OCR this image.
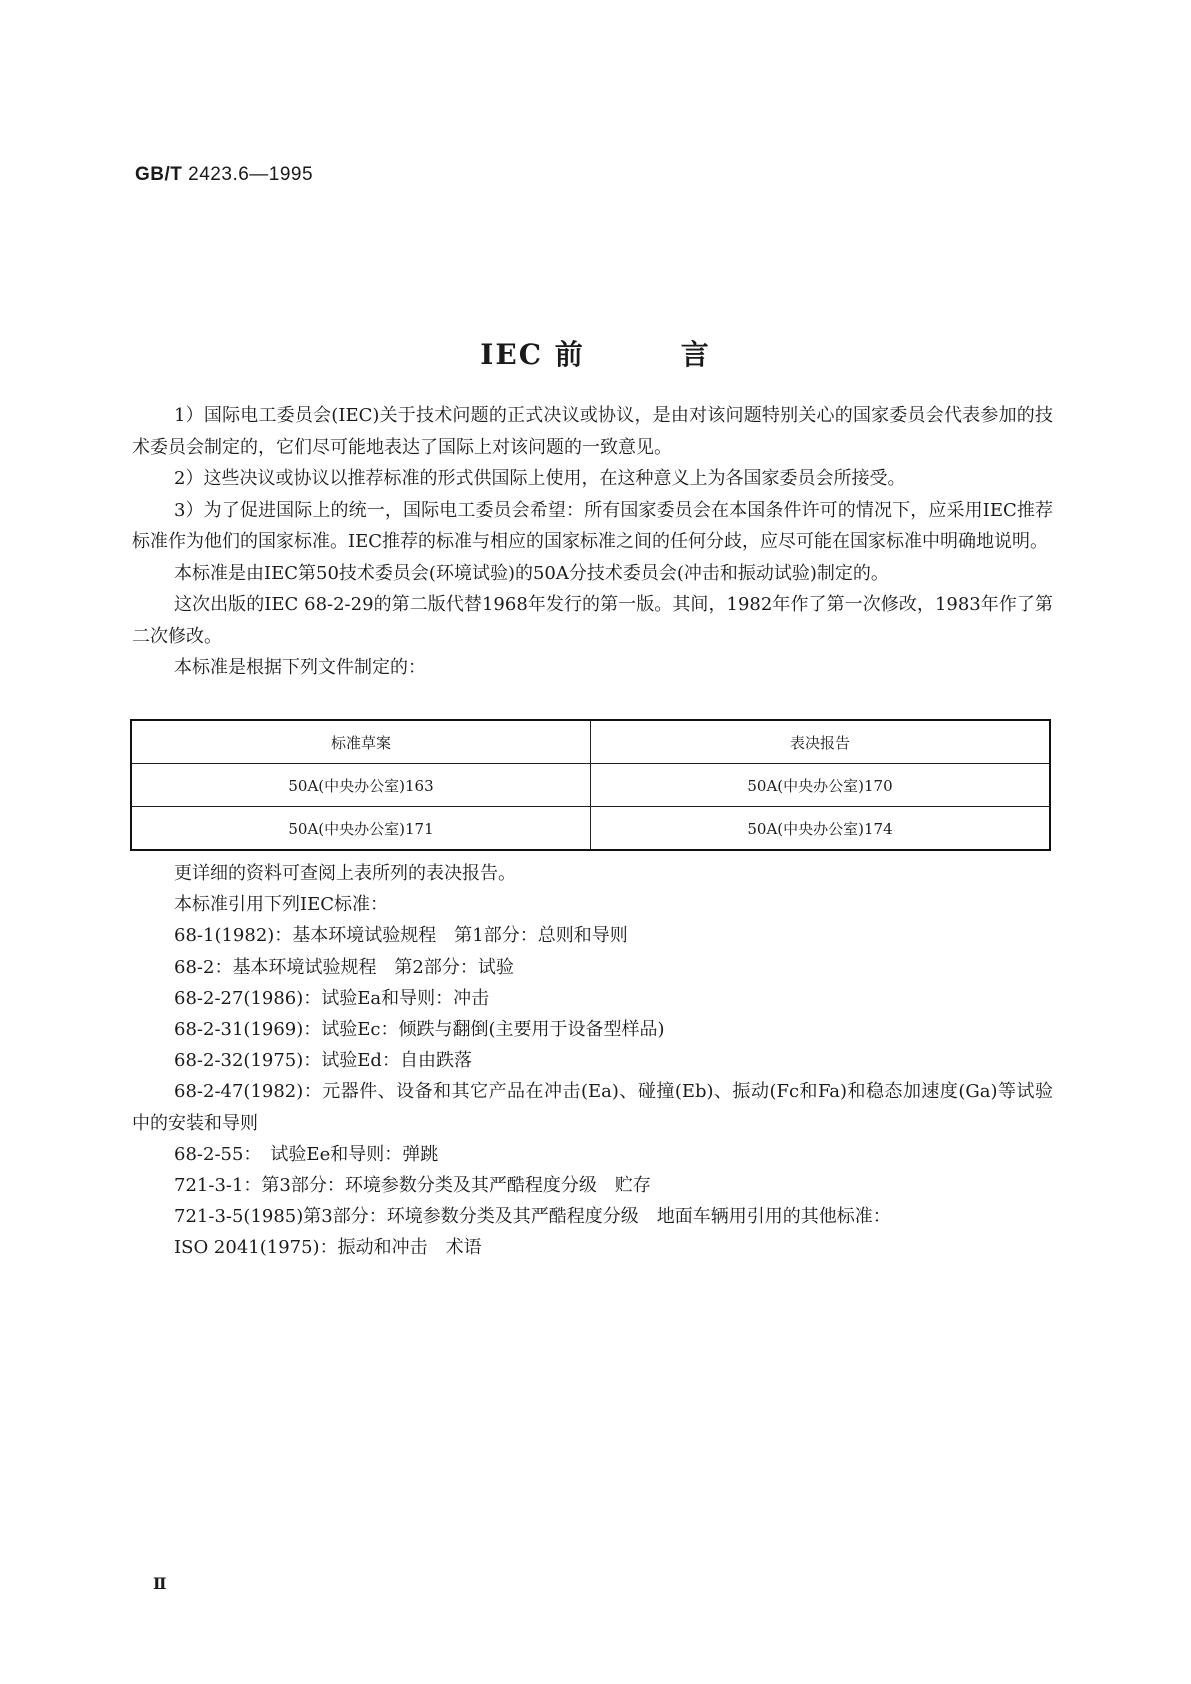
GB/T 2423.6—1995
IEC 前	言

1）国际电工委员会(IEC)关于技术问题的正式决议或协议，是由对该问题特别关心的国家委员会代表参加的技术委员会制定的，它们尽可能地表达了国际上对该问题的一致意见。

2）这些决议或协议以推荐标准的形式供国际上使用，在这种意义上为各国家委员会所接受。

3）为了促进国际上的统一，国际电工委员会希望：所有国家委员会在本国条件许可的情况下，应采用IEC推荐标准作为他们的国家标准。IEC推荐的标准与相应的国家标准之间的任何分歧，应尽可能在国家标准中明确地说明。

本标准是由IEC第50技术委员会(环境试验)的50A分技术委员会(冲击和振动试验)制定的。

这次出版的IEC 68-2-29的第二版代替1968年发行的第一版。其间，1982年作了第一次修改，1983年作了第二次修改。

本标准是根据下列文件制定的：

标准草案	表决报告
50A(中央办公室)163	50A(中央办公室)170
50A(中央办公室)171	50A(中央办公室)174

更详细的资料可查阅上表所列的表决报告。

本标准引用下列IEC标准：

68-1(1982)：基本环境试验规程　第1部分：总则和导则

68-2：基本环境试验规程　第2部分：试验

68-2-27(1986)：试验Ea和导则：冲击

68-2-31(1969)：试验Ec：倾跌与翻倒(主要用于设备型样品)

68-2-32(1975)：试验Ed：自由跌落

68-2-47(1982)：元器件、设备和其它产品在冲击(Ea)、碰撞(Eb)、振动(Fc和Fa)和稳态加速度(Ga)等试验中的安装和导则

68-2-55：　试验Ee和导则：弹跳

721-3-1：第3部分：环境参数分类及其严酷程度分级　贮存

721-3-5(1985)第3部分：环境参数分类及其严酷程度分级　地面车辆用引用的其他标准：

ISO 2041(1975)：振动和冲击　术语

Ⅱ
